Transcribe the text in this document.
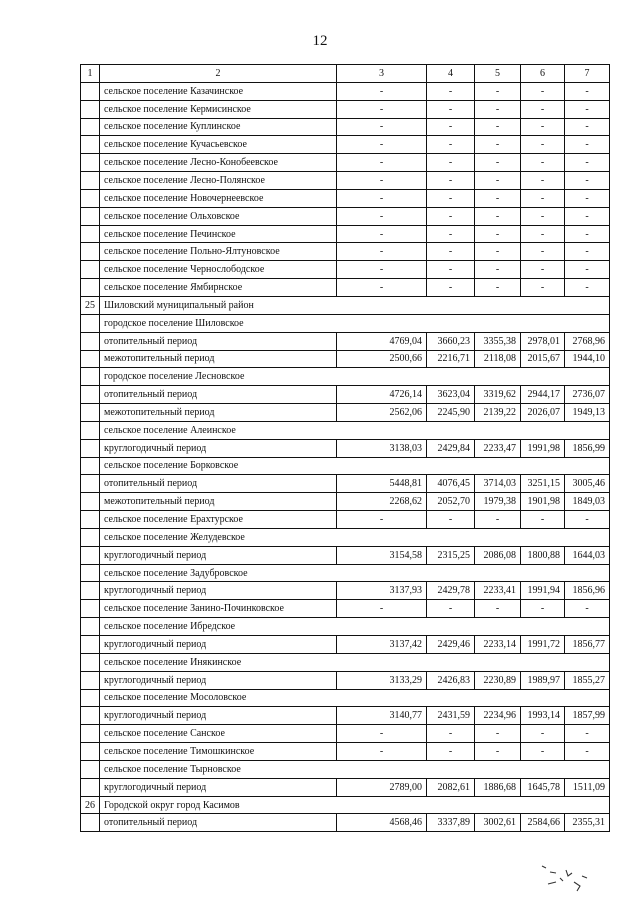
12
1	2	3	4	5	6	7
	сельское поселение Казачинское	-	-	-	-	-
	сельское поселение Кермисинское	-	-	-	-	-
	сельское поселение Куплинское	-	-	-	-	-
	сельское поселение Кучасьевское	-	-	-	-	-
	сельское поселение Лесно-Конобеевское	-	-	-	-	-
	сельское поселение Лесно-Полянское	-	-	-	-	-
	сельское поселение Новочернеевское	-	-	-	-	-
	сельское поселение Ольховское	-	-	-	-	-
	сельское поселение Печинское	-	-	-	-	-
	сельское поселение Польно-Ялтуновское	-	-	-	-	-
	сельское поселение Чернослободское	-	-	-	-	-
	сельское поселение Ямбирнское	-	-	-	-	-
25	Шиловский муниципальный район					
	городское поселение Шиловское					
	отопительный период	4769,04	3660,23	3355,38	2978,01	2768,96
	межотопительный период	2500,66	2216,71	2118,08	2015,67	1944,10
	городское поселение Лесновское					
	отопительный период	4726,14	3623,04	3319,62	2944,17	2736,07
	межотопительный период	2562,06	2245,90	2139,22	2026,07	1949,13
	сельское поселение Алеинское					
	круглогодичный период	3138,03	2429,84	2233,47	1991,98	1856,99
	сельское поселение Борковское					
	отопительный период	5448,81	4076,45	3714,03	3251,15	3005,46
	межотопительный период	2268,62	2052,70	1979,38	1901,98	1849,03
	сельское поселение Ерахтурское	-	-	-	-	-
	сельское поселение Желудевское					
	круглогодичный период	3154,58	2315,25	2086,08	1800,88	1644,03
	сельское поселение Задубровское					
	круглогодичный период	3137,93	2429,78	2233,41	1991,94	1856,96
	сельское поселение Занино-Починковское	-	-	-	-	-
	сельское поселение Ибредское					
	круглогодичный период	3137,42	2429,46	2233,14	1991,72	1856,77
	сельское поселение Инякинское					
	круглогодичный период	3133,29	2426,83	2230,89	1989,97	1855,27
	сельское поселение Мосоловское					
	круглогодичный период	3140,77	2431,59	2234,96	1993,14	1857,99
	сельское поселение Санское	-	-	-	-	-
	сельское поселение Тимошкинское	-	-	-	-	-
	сельское поселение Тырновское					
	круглогодичный период	2789,00	2082,61	1886,68	1645,78	1511,09
26	Городской округ город Касимов					
	отопительный период	4568,46	3337,89	3002,61	2584,66	2355,31
